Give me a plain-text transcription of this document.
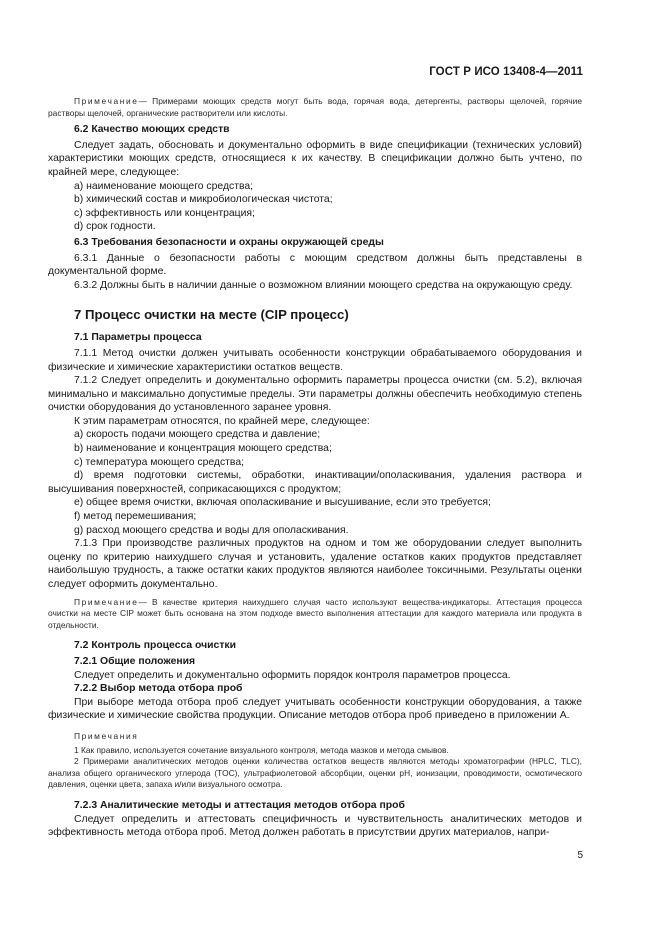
ГОСТ Р ИСО 13408-4—2011

Примечание— Примерами моющих средств могут быть вода, горячая вода, детергенты, растворы щелочей, горячие растворы щелочей, органические растворители или кислоты.

6.2 Качество моющих средств

Следует задать, обосновать и документально оформить в виде спецификации (технических условий) характеристики моющих средств, относящиеся к их качеству. В спецификации должно быть учтено, по крайней мере, следующее:

a) наименование моющего средства;

b) химический состав и микробиологическая чистота;

c) эффективность или концентрация;

d) срок годности.

6.3 Требования безопасности и охраны окружающей среды

6.3.1 Данные о безопасности работы с моющим средством должны быть представлены в документальной форме.

6.3.2 Должны быть в наличии данные о возможном влиянии моющего средства на окружающую среду.

7 Процесс очистки на месте (CIP процесс)

7.1 Параметры процесса

7.1.1 Метод очистки должен учитывать особенности конструкции обрабатываемого оборудования и физические и химические характеристики остатков веществ.

7.1.2 Следует определить и документально оформить параметры процесса очистки (см. 5.2), включая минимально и максимально допустимые пределы. Эти параметры должны обеспечить необходимую степень очистки оборудования до установленного заранее уровня.

К этим параметрам относятся, по крайней мере, следующее:

a) скорость подачи моющего средства и давление;

b) наименование и концентрация моющего средства;

c) температура моющего средства;

d) время подготовки системы, обработки, инактивации/ополаскивания, удаления раствора и высушивания поверхностей, соприкасающихся с продуктом;

e) общее время очистки, включая ополаскивание и высушивание, если это требуется;

f) метод перемешивания;

g) расход моющего средства и воды для ополаскивания.

7.1.3 При производстве различных продуктов на одном и том же оборудовании следует выполнить оценку по критерию наихудшего случая и установить, удаление остатков каких продуктов представляет наибольшую трудность, а также остатки каких продуктов являются наиболее токсичными. Результаты оценки следует оформить документально.

Примечание— В качестве критерия наихудшего случая часто используют вещества-индикаторы. Аттестация процесса очистки на месте CIP может быть основана на этом подходе вместо выполнения аттестации для каждого материала или продукта в отдельности.

7.2 Контроль процесса очистки

7.2.1 Общие положения

Следует определить и документально оформить порядок контроля параметров процесса.

7.2.2 Выбор метода отбора проб

При выборе метода отбора проб следует учитывать особенности конструкции оборудования, а также физические и химические свойства продукции. Описание методов отбора проб приведено в приложении А.

Примечания

1 Как правило, используется сочетание визуального контроля, метода мазков и метода смывов.

2 Примерами аналитических методов оценки количества остатков веществ являются методы хроматографии (HPLC, TLC), анализа общего органического углерода (TOC), ультрафиолетовой абсорбции, оценки pH, ионизации, проводимости, осмотического давления, оценки цвета, запаха и/или визуального осмотра.

7.2.3 Аналитические методы и аттестация методов отбора проб

Следует определить и аттестовать специфичность и чувствительность аналитических методов и эффективность метода отбора проб. Метод должен работать в присутствии других материалов, напри-

5
